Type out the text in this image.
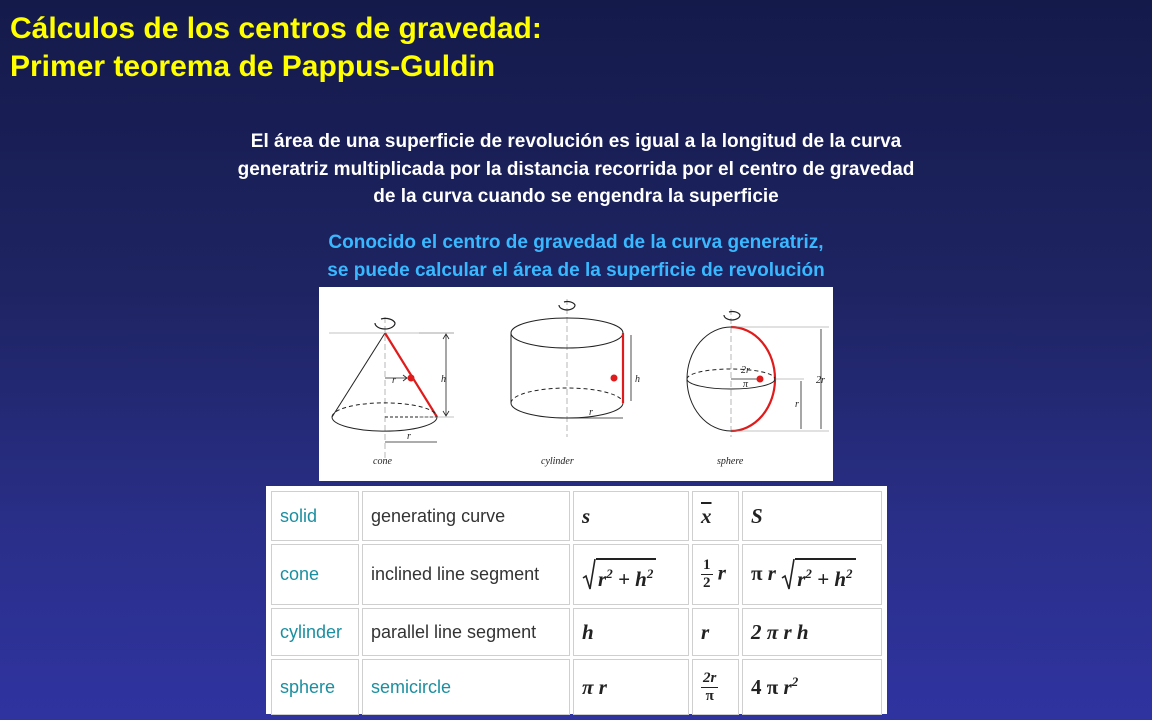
Cálculos de los centros de gravedad:
Primer teorema de Pappus-Guldin
El área de una superficie de revolución es igual a la longitud de la curva
generatriz multiplicada por la distancia recorrida por el centro de gravedad
de la curva cuando se engendra la superficie
Conocido el centro de gravedad de la curva generatriz,
se puede calcular el área de la superficie de revolución
r	h
r
cone
h
r
cylinder
2r
π	2r
r
sphere
solid	generating curve	s	$\overline{x}$	S
cone	inclined line segment	$r^2 + h^2$	$\frac{1}{2}$ r	π r $r^2 + h^2$

cylinder	parallel line segment	h	r	2 π r h
sphere	semicircle	π r	$\frac{2r}{\pi}$	4 π $r^2$
